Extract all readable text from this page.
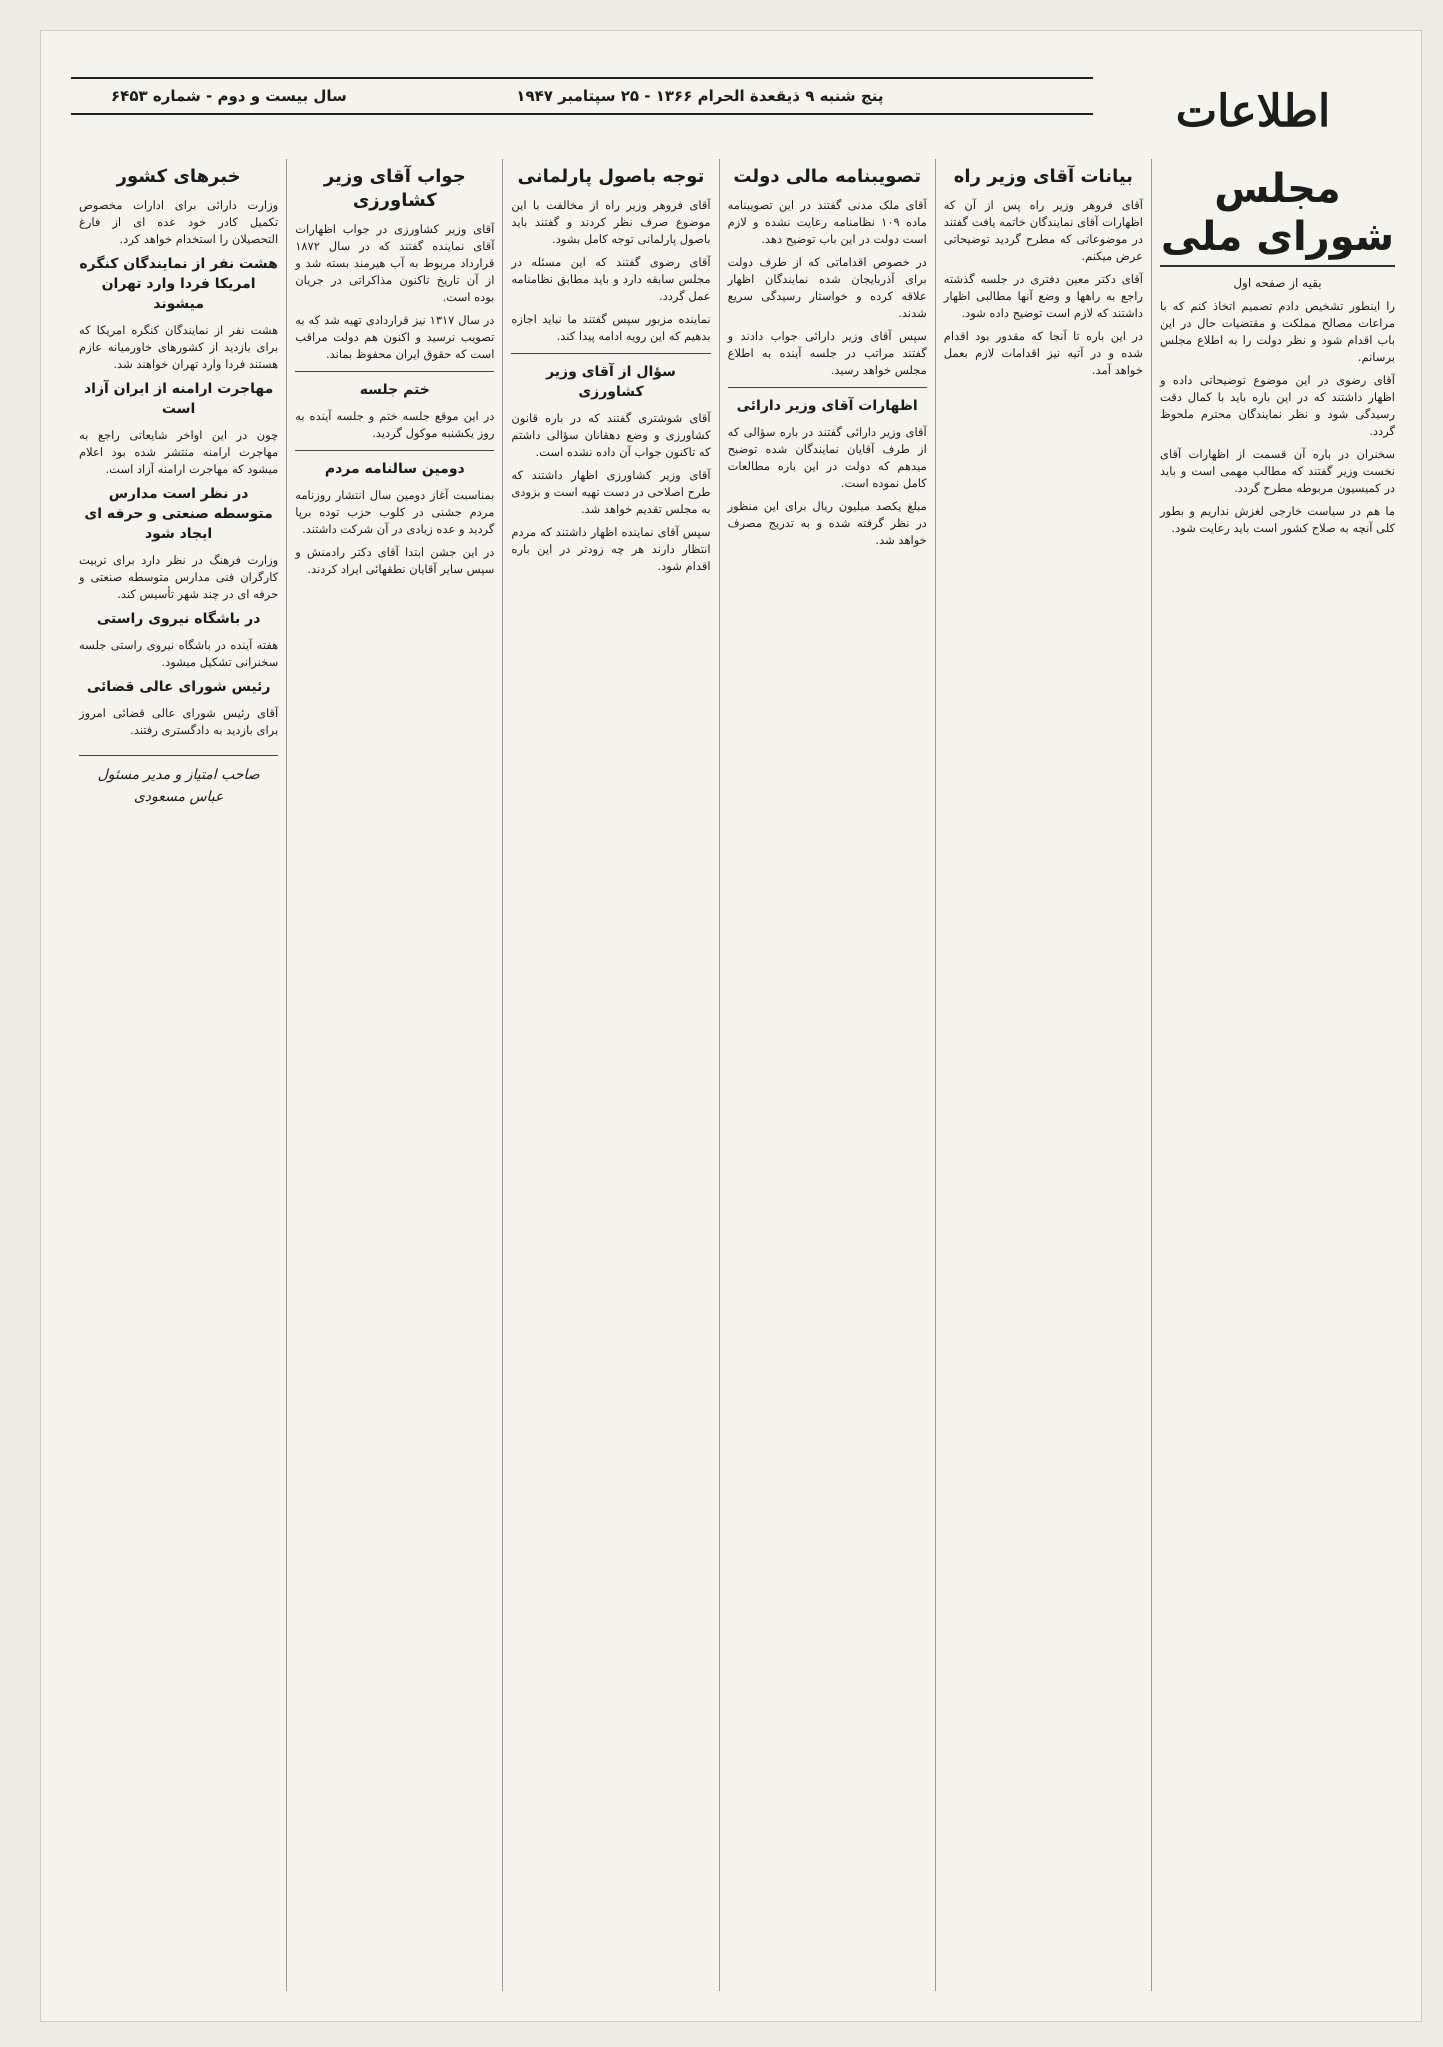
اطلاعات
پنج شنبه ۹ ذیقعدة الحرام ۱۳۶۶ - ۲۵ سپتامبر ۱۹۴۷
سال بیست و دوم - شماره ۶۴۵۳
مجلس شورای ملی
بقیه از صفحه اول

را اینطور تشخیص دادم تصمیم اتخاذ کنم که با مراعات مصالح مملکت و مقتضیات حال در این باب اقدام شود و نظر دولت را به اطلاع مجلس برسانم.

آقای رضوی در این موضوع توضیحاتی داده و اظهار داشتند که در این باره باید با کمال دقت رسیدگی شود و نظر نمایندگان محترم ملحوظ گردد.

سخنران در باره آن قسمت از اظهارات آقای نخست وزیر گفتند که مطالب مهمی است و باید در کمیسیون مربوطه مطرح گردد.

ما هم در سیاست خارجی لغزش نداریم و بطور کلی آنچه به صلاح کشور است باید رعایت شود.

بیانات آقای وزیر راه

آقای فروهر وزیر راه پس از آن که اظهارات آقای نمایندگان خاتمه یافت گفتند در موضوعاتی که مطرح گردید توضیحاتی عرض میکنم.

آقای دکتر معین دفتری در جلسه گذشته راجع به راهها و وضع آنها مطالبی اظهار داشتند که لازم است توضیح داده شود.

در این باره تا آنجا که مقدور بود اقدام شده و در آتیه نیز اقدامات لازم بعمل خواهد آمد.

تصویبنامه مالی دولت

آقای ملک مدنی گفتند در این تصویبنامه ماده ۱۰۹ نظامنامه رعایت نشده و لازم است دولت در این باب توضیح دهد.

در خصوص اقداماتی که از طرف دولت برای آذربایجان شده نمایندگان اظهار علاقه کرده و خواستار رسیدگی سریع شدند.

سپس آقای وزیر دارائی جواب دادند و گفتند مراتب در جلسه آینده به اطلاع مجلس خواهد رسید.

اظهارات آقای وزیر دارائی

آقای وزیر دارائی گفتند در باره سؤالی که از طرف آقایان نمایندگان شده توضیح میدهم که دولت در این باره مطالعات کامل نموده است.

مبلغ یکصد میلیون ریال برای این منظور در نظر گرفته شده و به تدریج مصرف خواهد شد.

توجه باصول پارلمانی

آقای فروهر وزیر راه از مخالفت با این موضوع صرف نظر کردند و گفتند باید باصول پارلمانی توجه کامل بشود.

آقای رضوی گفتند که این مسئله در مجلس سابقه دارد و باید مطابق نظامنامه عمل گردد.

نماینده مزبور سپس گفتند ما نباید اجازه بدهیم که این رویه ادامه پیدا کند.

سؤال از آقای وزیر کشاورزی

آقای شوشتری گفتند که در باره قانون کشاورزی و وضع دهقانان سؤالی داشتم که تاکنون جواب آن داده نشده است.

آقای وزیر کشاورزی اظهار داشتند که طرح اصلاحی در دست تهیه است و بزودی به مجلس تقدیم خواهد شد.

سپس آقای نماینده اظهار داشتند که مردم انتظار دارند هر چه زودتر در این باره اقدام شود.

جواب آقای وزیر کشاورزی

آقای وزیر کشاورزی در جواب اظهارات آقای نماینده گفتند که در سال ۱۸۷۲ قرارداد مربوط به آب هیرمند بسته شد و از آن تاریخ تاکنون مذاکراتی در جریان بوده است.

در سال ۱۳۱۷ نیز قراردادی تهیه شد که به تصویب نرسید و اکنون هم دولت مراقب است که حقوق ایران محفوظ بماند.

ختم جلسه

در این موقع جلسه ختم و جلسه آینده به روز یکشنبه موکول گردید.

دومین سالنامه مردم

بمناسبت آغاز دومین سال انتشار روزنامه مردم جشنی در کلوب حزب توده برپا گردید و عده زیادی در آن شرکت داشتند.

در این جشن ابتدا آقای دکتر رادمنش و سپس سایر آقایان نطقهائی ایراد کردند.

خبرهای کشور

وزارت دارائی برای ادارات مخصوص تکمیل کادر خود عده ای از فارغ التحصیلان را استخدام خواهد کرد.

هشت نفر از نمایندگان کنگره امریکا فردا وارد تهران میشوند

هشت نفر از نمایندگان کنگره امریکا که برای بازدید از کشورهای خاورمیانه عازم هستند فردا وارد تهران خواهند شد.

مهاجرت ارامنه از ایران آزاد است

چون در این اواخر شایعاتی راجع به مهاجرت ارامنه منتشر شده بود اعلام میشود که مهاجرت ارامنه آزاد است.

در نظر است مدارس متوسطه صنعتی و حرفه ای ایجاد شود

وزارت فرهنگ در نظر دارد برای تربیت کارگران فنی مدارس متوسطه صنعتی و حرفه ای در چند شهر تأسیس کند.

در باشگاه نیروی راستی

هفته آینده در باشگاه نیروی راستی جلسه سخنرانی تشکیل میشود.

رئیس شورای عالی قضائی

آقای رئیس شورای عالی قضائی امروز برای بازدید به دادگستری رفتند.

صاحب امتیاز و مدیر مسئول
عباس مسعودی
